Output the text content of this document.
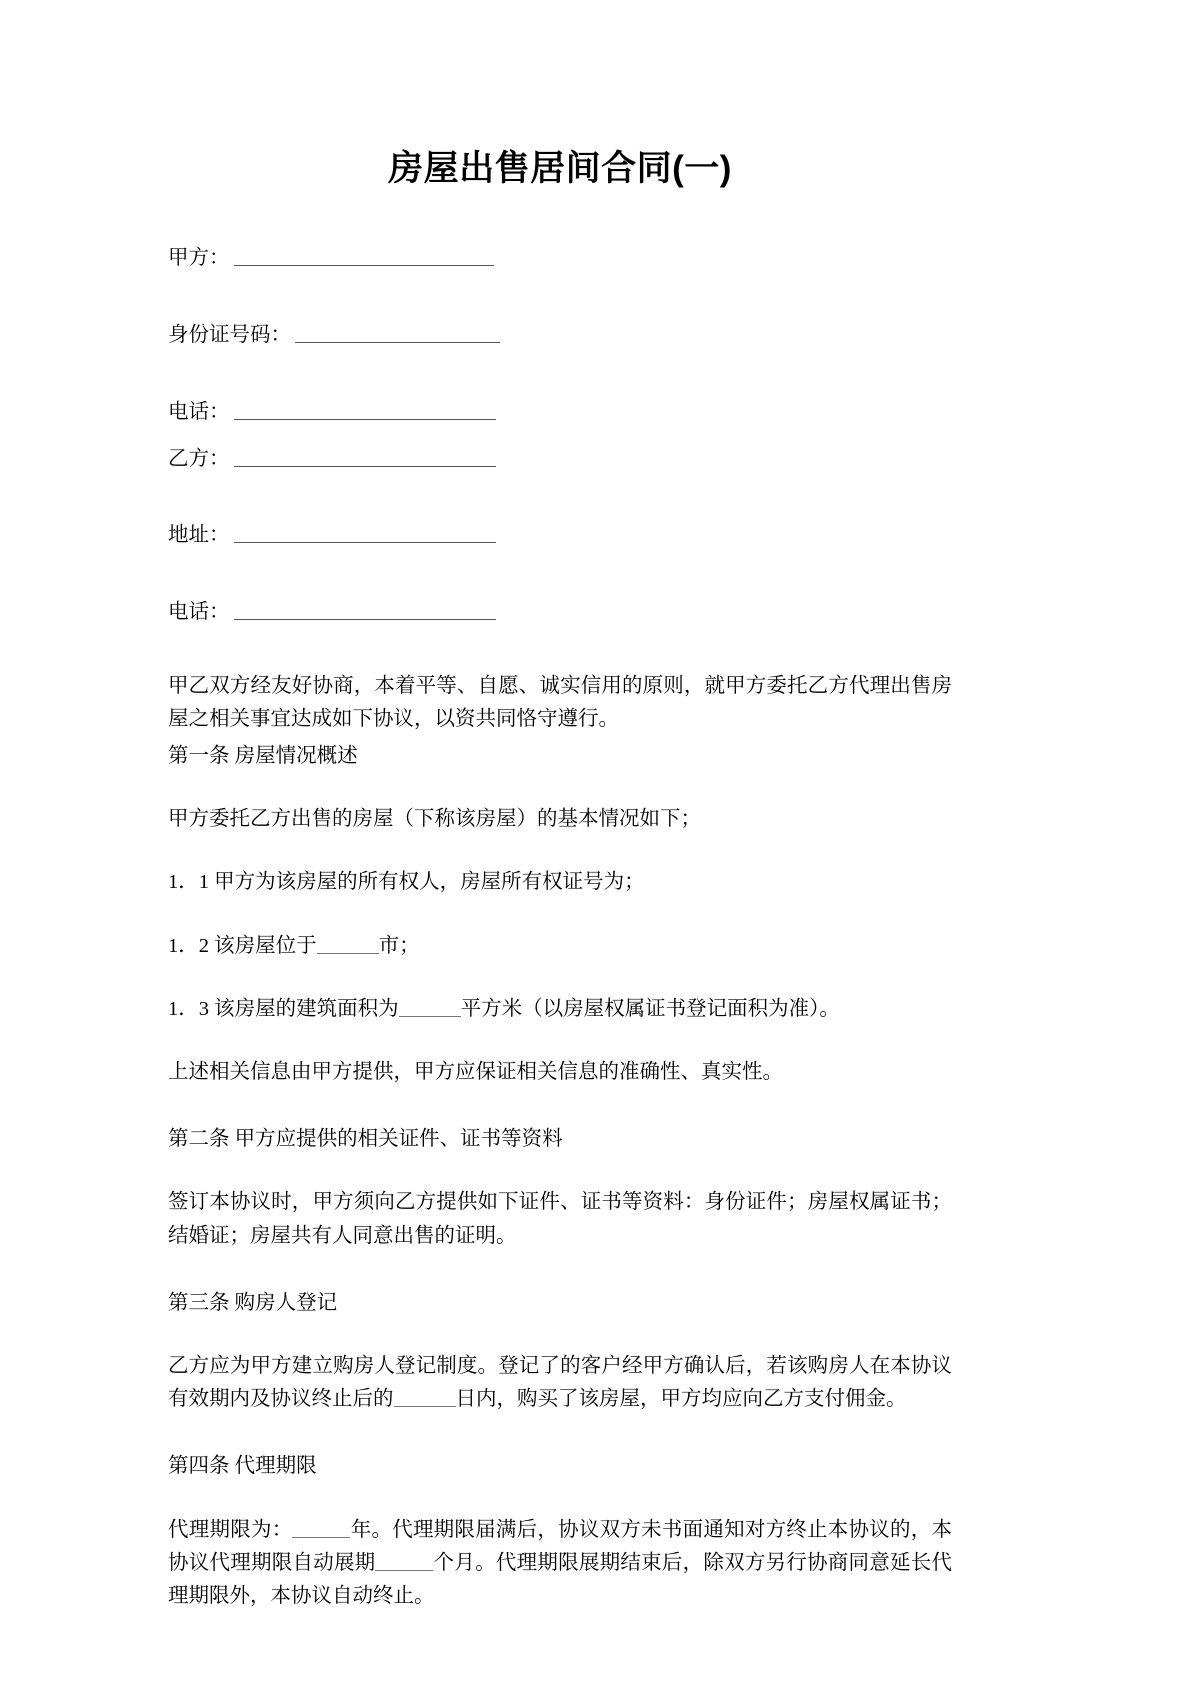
房屋出售居间合同(一)
甲方：
身份证号码：
电话：
乙方：
地址：
电话：

甲乙双方经友好协商，本着平等、自愿、诚实信用的原则，就甲方委托乙方代理出售房屋之相关事宜达成如下协议，以资共同恪守遵行。

第一条 房屋情况概述

甲方委托乙方出售的房屋（下称该房屋）的基本情况如下；

1．1 甲方为该房屋的所有权人，房屋所有权证号为；

1．2 该房屋位于	市；

1．3 该房屋的建筑面积为	平方米（以房屋权属证书登记面积为准）。

上述相关信息由甲方提供，甲方应保证相关信息的准确性、真实性。

第二条 甲方应提供的相关证件、证书等资料

签订本协议时，甲方须向乙方提供如下证件、证书等资料：身份证件；房屋权属证书；结婚证；房屋共有人同意出售的证明。

第三条 购房人登记

乙方应为甲方建立购房人登记制度。登记了的客户经甲方确认后，若该购房人在本协议有效期内及协议终止后的	日内，购买了该房屋，甲方均应向乙方支付佣金。

第四条 代理期限

代理期限为：	年。代理期限届满后，协议双方未书面通知对方终止本协议的，本协议代理期限自动展期	个月。代理期限展期结束后，除双方另行协商同意延长代理期限外，本协议自动终止。
